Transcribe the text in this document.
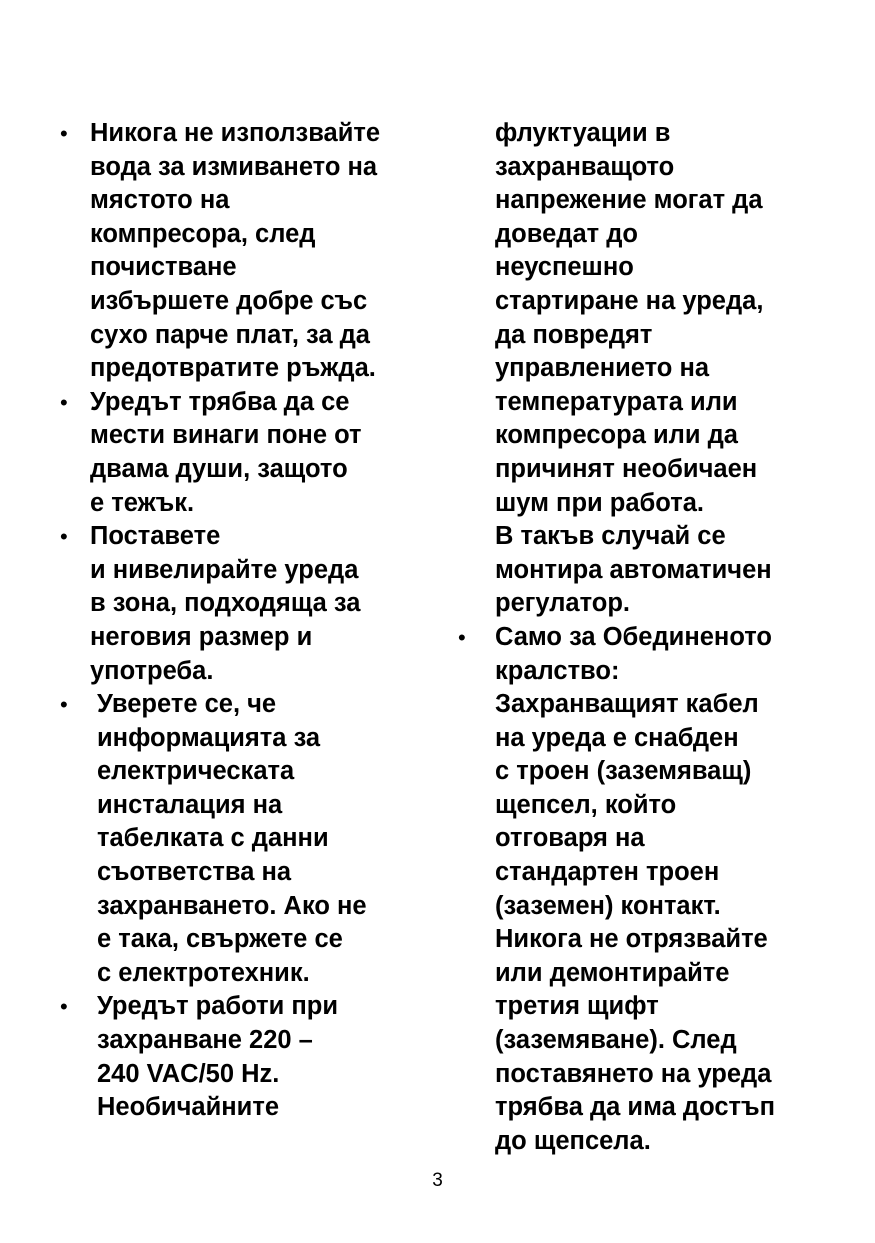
• Никога не използвайте
вода за измиването на
мястото на
компресора, след
почистване
избършете добре със
сухо парче плат, за да
предотвратите ръжда.
• Уредът трябва да се
мести винаги поне от
двама души, защото
е тежък.
• Поставете
и нивелирайте уреда
в зона, подходяща за
неговия размер и
употреба.
•	Уверете се, че
информацията за
електрическата
инсталация на
табелката с данни
съответства на
захранването. Ако не
е така, свържете се
с електротехник.
•	Уредът работи при
захранване 220 –
240 VAC/50 Hz.
Необичайните
флуктуации в
захранващото
напрежение могат да
доведат до
неуспешно
стартиране на уреда,
да повредят
управлението на
температурата или
компресора или да
причинят необичаен
шум при работа.
В такъв случай се
монтира автоматичен
регулатор.
•	Само за Обединеното
кралство:
Захранващият кабел
на уреда е снабден
с троен (заземяващ)
щепсел, който
отговаря на
стандартен троен
(заземен) контакт.
Никога не отрязвайте
или демонтирайте
третия щифт
(заземяване). След
поставянето на уреда
трябва да има достъп
до щепсела.
3
